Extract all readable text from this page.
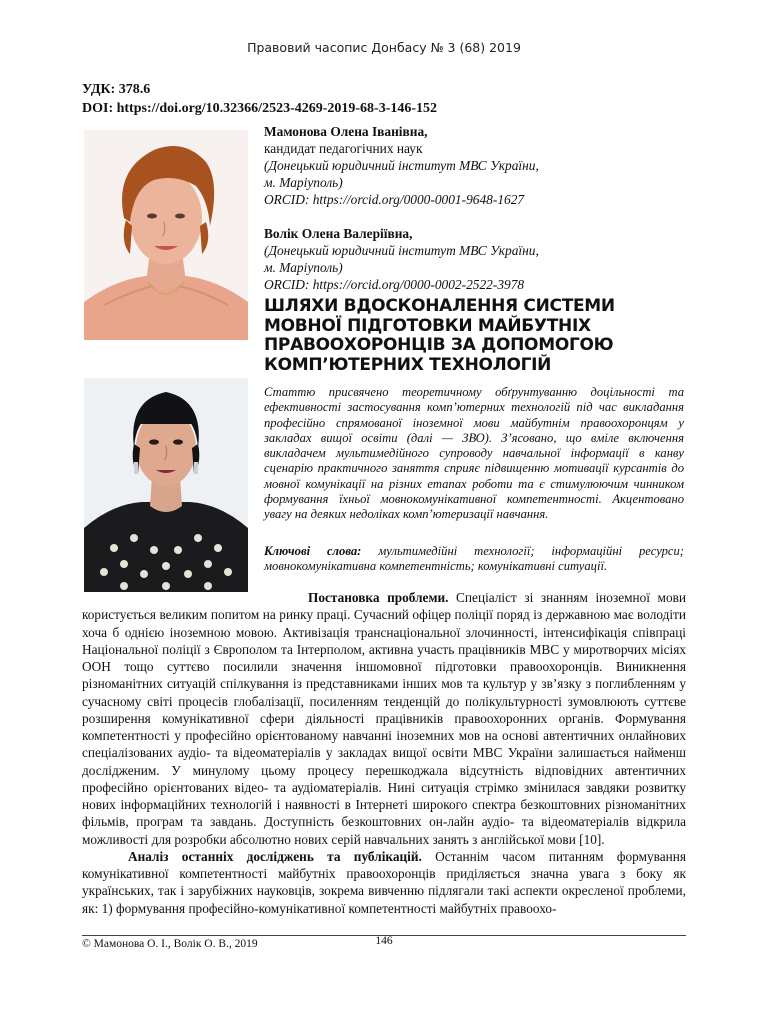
Правовий часопис Донбасу № 3 (68) 2019
УДК: 378.6
DOI: https://doi.org/10.32366/2523-4269-2019-68-3-146-152
Мамонова Олена Іванівна,
кандидат педагогічних наук
(Донецький юридичний інститут МВС України,
м. Маріуполь)
ORCID: https://orcid.org/0000-0001-9648-1627
Волік Олена Валеріївна,
(Донецький юридичний інститут МВС України,
м. Маріуполь)
ORCID: https://orcid.org/0000-0002-2522-3978
ШЛЯХИ ВДОСКОНАЛЕННЯ СИСТЕМИ
МОВНОЇ ПІДГОТОВКИ МАЙБУТНІХ
ПРАВООХОРОНЦІВ ЗА ДОПОМОГОЮ
КОМП’ЮТЕРНИХ ТЕХНОЛОГІЙ
Статтю присвячено теоретичному обґрунтуванню доцільності та ефективності застосування комп’ютерних технологій під час викладання професійно спрямованої іноземної мови майбутнім правоохоронцям у закладах вищої освіти (далі — ЗВО). З’ясовано, що вмілe включення викладачем мультимедійного супроводу навчальної інформації в канву сценарію практичного заняття сприяє підвищенню мотивації курсантів до мовної комунікації на різних етапах роботи та є стимулюючим чинником формування їхньої мовнокомунікативної компетентності. Акцентовано увагу на деяких недоліках комп’ютеризації навчання.
Ключові слова: мультимедійні технології; інформаційні ресурси; мовнокомунікативна компетентність; комунікативні ситуації.

Постановка проблеми. Спеціаліст зі знанням іноземної мови користується великим попитом на ринку праці. Сучасний офіцер поліції поряд із державною має володіти хоча б однією іноземною мовою. Активізація транснаціональної злочинності, інтенсифікація співпраці Національної поліції з Європолом та Інтерполом, активна участь працівників МВС у миротворчих місіях ООН тощо суттєво посилили значення іншомовної підготовки правоохоронців. Виникнення різноманітних ситуацій спілкування із представниками інших мов та культур у зв’язку з поглибленням у сучасному світі процесів глобалізації, посиленням тенденцій до полікультурності зумовлюють суттєве розширення комунікативної сфери діяльності працівників правоохоронних органів. Формування компетентності у професійно орієнтованому навчанні іноземних мов на основі автентичних онлайнових спеціалізованих аудіо- та відеоматеріалів у закладах вищої освіти МВС України залишається найменш дослідженим. У минулому цьому процесу перешкоджала відсутність відповідних автентичних професійно орієнтованих відео- та аудіоматеріалів. Нині ситуація стрімко змінилася завдяки розвитку нових інформаційних технологій і наявності в Інтернеті широкого спектра безкоштовних різноманітних фільмів, програм та завдань. Доступність безкоштовних он-лайн аудіо- та відеоматеріалів відкрила можливості для розробки абсолютно нових серій навчальних занять з англійської мови [10].

Аналіз останніх досліджень та публікацій. Останнім часом питанням формування комунікативної компетентності майбутніх правоохоронців приділяється значна увага з боку як українських, так і зарубіжних науковців, зокрема вивченню підлягали такі аспекти окресленої проблеми, як: 1) формування професійно-комунікативної компетентності майбутніх правоохо-

© Мамонова О. І., Волік О. В., 2019	146
